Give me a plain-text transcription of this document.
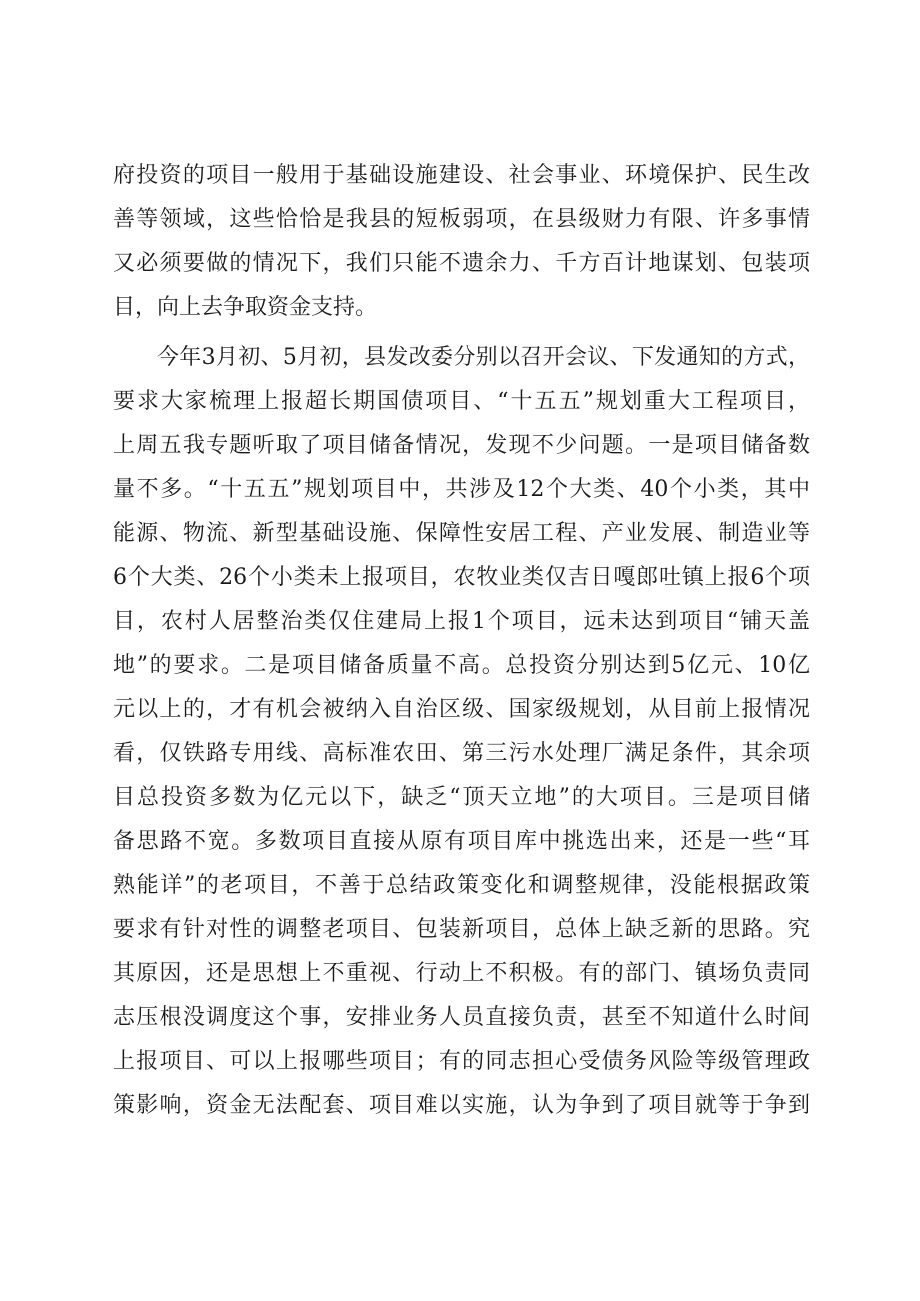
府投资的项目一般用于基础设施建设、社会事业、环境保护、民生改
善等领域，这些恰恰是我县的短板弱项，在县级财力有限、许多事情
又必须要做的情况下，我们只能不遗余力、千方百计地谋划、包装项
目，向上去争取资金支持。
今年3月初、5月初，县发改委分别以召开会议、下发通知的方式，
要求大家梳理上报超长期国债项目、“十五五”规划重大工程项目，
上周五我专题听取了项目储备情况，发现不少问题。一是项目储备数
量不多。“十五五”规划项目中，共涉及12个大类、40个小类，其中
能源、物流、新型基础设施、保障性安居工程、产业发展、制造业等
6个大类、26个小类未上报项目，农牧业类仅吉日嘎郎吐镇上报6个项
目，农村人居整治类仅住建局上报1个项目，远未达到项目“铺天盖
地”的要求。二是项目储备质量不高。总投资分别达到5亿元、10亿
元以上的，才有机会被纳入自治区级、国家级规划，从目前上报情况
看，仅铁路专用线、高标准农田、第三污水处理厂满足条件，其余项
目总投资多数为亿元以下，缺乏“顶天立地”的大项目。三是项目储
备思路不宽。多数项目直接从原有项目库中挑选出来，还是一些“耳
熟能详”的老项目，不善于总结政策变化和调整规律，没能根据政策
要求有针对性的调整老项目、包装新项目，总体上缺乏新的思路。究
其原因，还是思想上不重视、行动上不积极。有的部门、镇场负责同
志压根没调度这个事，安排业务人员直接负责，甚至不知道什么时间
上报项目、可以上报哪些项目；有的同志担心受债务风险等级管理政
策影响，资金无法配套、项目难以实施，认为争到了项目就等于争到
